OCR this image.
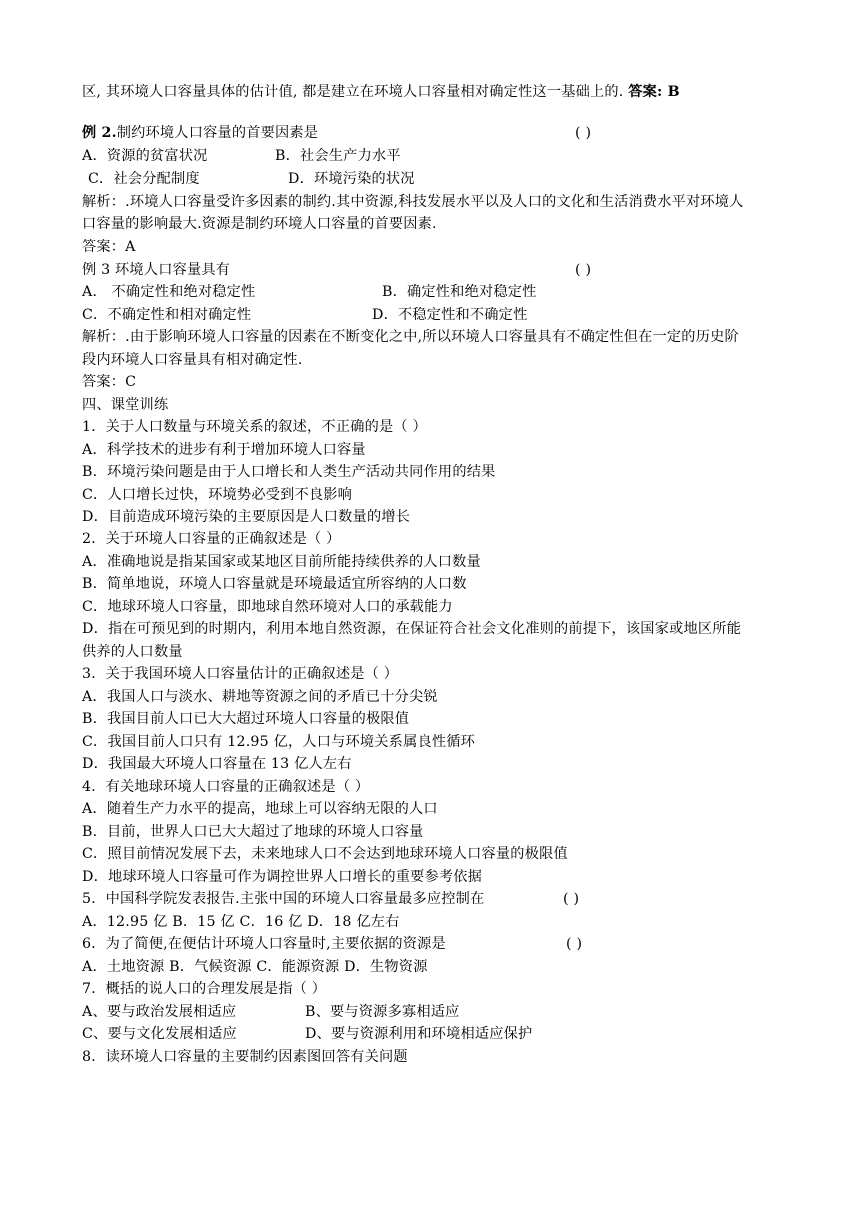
区, 其环境人口容量具体的估计值, 都是建立在环境人口容量相对确定性这一基础上的. 答案: B
例 2.制约环境人口容量的首要因素是	( )
A．资源的贫富状况	B．社会生产力水平
C．社会分配制度	D．环境污染的状况
解析：.环境人口容量受许多因素的制约.其中资源,科技发展水平以及人口的文化和生活消费水平对环境人
口容量的影响最大.资源是制约环境人口容量的首要因素.
答案：A
例 3 环境人口容量具有	( )
A． 不确定性和绝对稳定性	B．确定性和绝对稳定性
C．不确定性和相对确定性	D．不稳定性和不确定性
解析：.由于影响环境人口容量的因素在不断变化之中,所以环境人口容量具有不确定性但在一定的历史阶
段内环境人口容量具有相对确定性.
答案：C
四、课堂训练
1．关于人口数量与环境关系的叙述，不正确的是（ ）
A．科学技术的进步有利于增加环境人口容量
B．环境污染问题是由于人口增长和人类生产活动共同作用的结果
C．人口增长过快，环境势必受到不良影响
D．目前造成环境污染的主要原因是人口数量的增长
2．关于环境人口容量的正确叙述是（ ）
A．准确地说是指某国家或某地区目前所能持续供养的人口数量
B．简单地说，环境人口容量就是环境最适宜所容纳的人口数
C．地球环境人口容量，即地球自然环境对人口的承载能力
D．指在可预见到的时期内，利用本地自然资源，在保证符合社会文化准则的前提下，该国家或地区所能
供养的人口数量
3．关于我国环境人口容量估计的正确叙述是（ ）
A．我国人口与淡水、耕地等资源之间的矛盾已十分尖锐
B．我国目前人口已大大超过环境人口容量的极限值
C．我国目前人口只有 12.95 亿，人口与环境关系属良性循环
D．我国最大环境人口容量在 13 亿人左右
4．有关地球环境人口容量的正确叙述是（ ）
A．随着生产力水平的提高，地球上可以容纳无限的人口
B．目前，世界人口已大大超过了地球的环境人口容量
C．照目前情况发展下去，未来地球人口不会达到地球环境人口容量的极限值
D．地球环境人口容量可作为调控世界人口增长的重要参考依据
5．中国科学院发表报告.主张中国的环境人口容量最多应控制在	( )
A．12.95 亿 B．15 亿 C．16 亿 D．18 亿左右
6．为了简便,在便估计环境人口容量时,主要依据的资源是	( )
A．土地资源 B．气候资源 C．能源资源 D．生物资源
7．概括的说人口的合理发展是指（ ）
A、要与政治发展相适应	B、要与资源多寡相适应
C、要与文化发展相适应	D、要与资源利用和环境相适应保护
8．读环境人口容量的主要制约因素图回答有关问题
